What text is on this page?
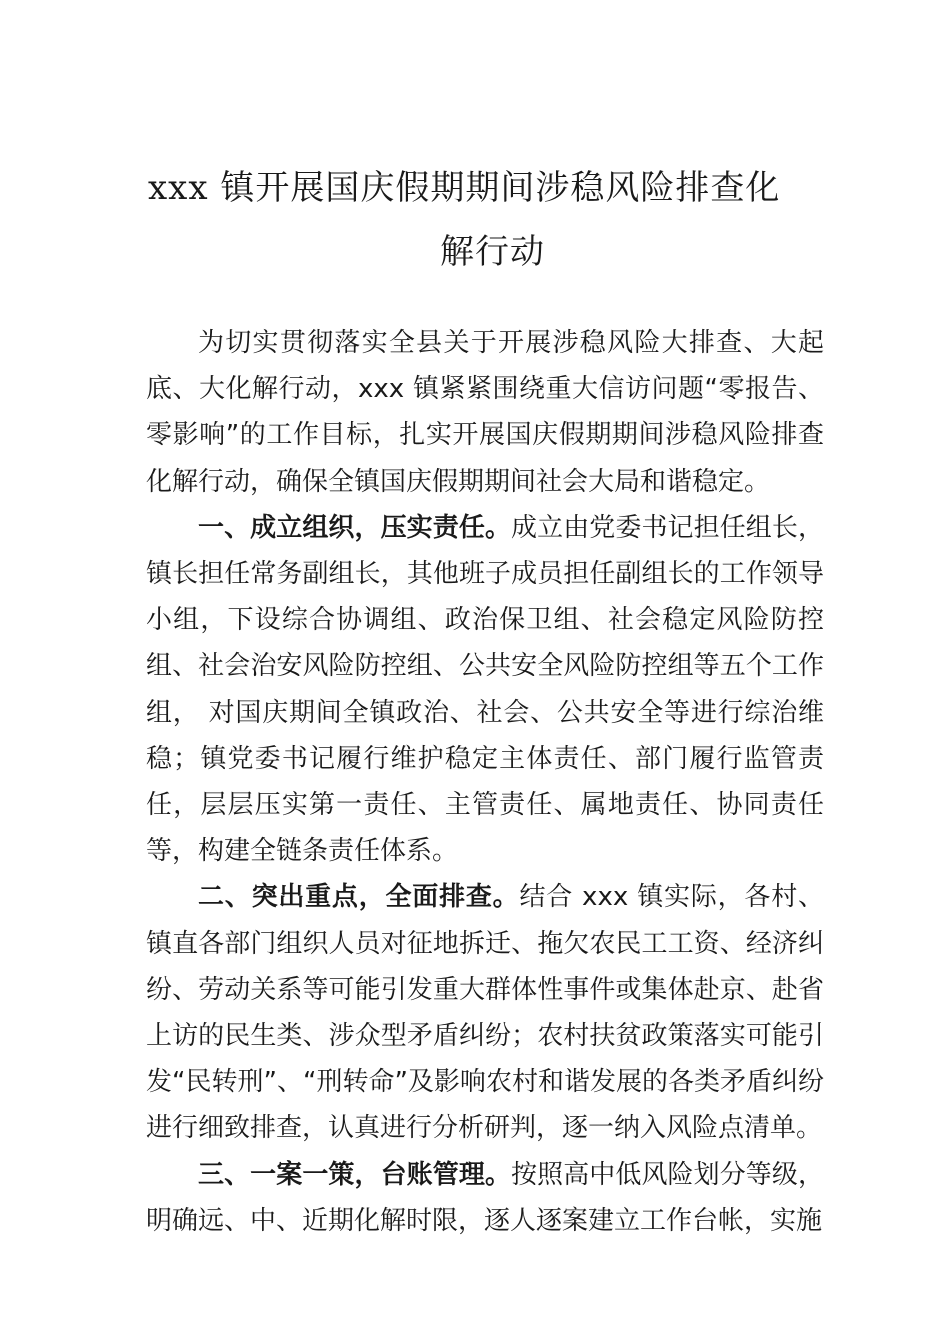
xxx 镇开展国庆假期期间涉稳风险排查化
解行动

为切实贯彻落实全县关于开展涉稳风险大排查、大起底、大化解行动，xxx 镇紧紧围绕重大信访问题“零报告、零影响”的工作目标，扎实开展国庆假期期间涉稳风险排查化解行动，确保全镇国庆假期期间社会大局和谐稳定。

一、成立组织，压实责任。成立由党委书记担任组长， 镇长担任常务副组长，其他班子成员担任副组长的工作领导小组，下设综合协调组、政治保卫组、社会稳定风险防控组、社会治安风险防控组、公共安全风险防控组等五个工作组， 对国庆期间全镇政治、社会、公共安全等进行综治维稳；镇党委书记履行维护稳定主体责任、部门履行监管责任，层层压实第一责任、主管责任、属地责任、协同责任等，构建全链条责任体系。

二、突出重点，全面排查。结合 xxx 镇实际，各村、镇直各部门组织人员对征地拆迁、拖欠农民工工资、经济纠纷、劳动关系等可能引发重大群体性事件或集体赴京、赴省上访的民生类、涉众型矛盾纠纷；农村扶贫政策落实可能引发“民转刑”、“刑转命”及影响农村和谐发展的各类矛盾纠纷进行细致排查，认真进行分析研判，逐一纳入风险点清单。

三、一案一策，台账管理。按照高中低风险划分等级， 明确远、中、近期化解时限，逐人逐案建立工作台帐，实施
